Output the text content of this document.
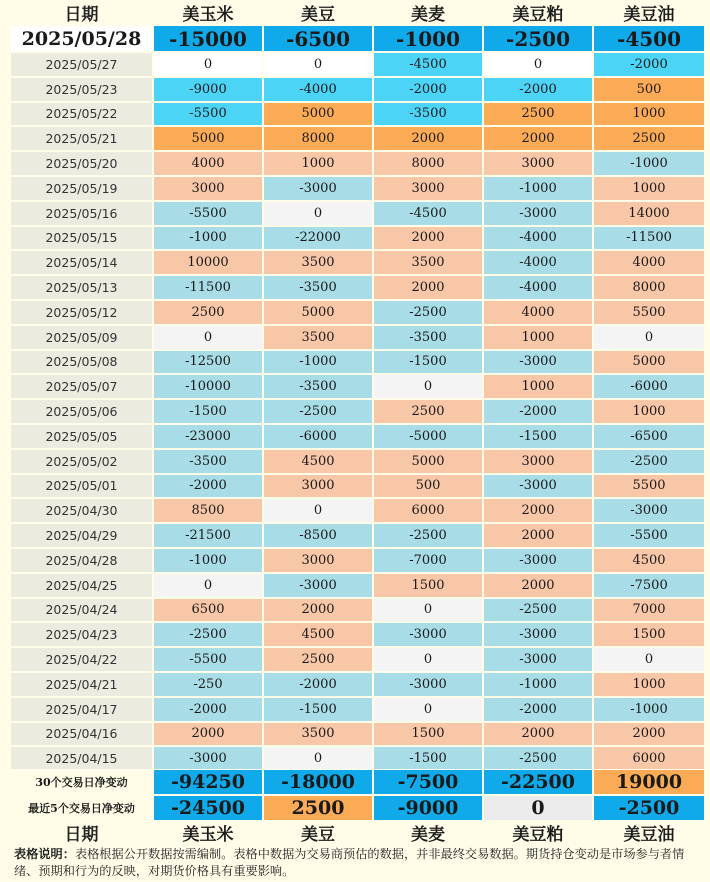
日期	美玉米	美豆	美麦	美豆粕	美豆油
2025/05/28	-15000	-6500	-1000	-2500	-4500
2025/05/27	0	0	-4500	0	-2000
2025/05/23	-9000	-4000	-2000	-2000	500
2025/05/22	-5500	5000	-3500	2500	1000
2025/05/21	5000	8000	2000	2000	2500
2025/05/20	4000	1000	8000	3000	-1000
2025/05/19	3000	-3000	3000	-1000	1000
2025/05/16	-5500	0	-4500	-3000	14000
2025/05/15	-1000	-22000	2000	-4000	-11500
2025/05/14	10000	3500	3500	-4000	4000
2025/05/13	-11500	-3500	2000	-4000	8000
2025/05/12	2500	5000	-2500	4000	5500
2025/05/09	0	3500	-3500	1000	0
2025/05/08	-12500	-1000	-1500	-3000	5000
2025/05/07	-10000	-3500	0	1000	-6000
2025/05/06	-1500	-2500	2500	-2000	1000
2025/05/05	-23000	-6000	-5000	-1500	-6500
2025/05/02	-3500	4500	5000	3000	-2500
2025/05/01	-2000	3000	500	-3000	5500
2025/04/30	8500	0	6000	2000	-3000
2025/04/29	-21500	-8500	-2500	2000	-5500
2025/04/28	-1000	3000	-7000	-3000	4500
2025/04/25	0	-3000	1500	2000	-7500
2025/04/24	6500	2000	0	-2500	7000
2025/04/23	-2500	4500	-3000	-3000	1500
2025/04/22	-5500	2500	0	-3000	0
2025/04/21	-250	-2000	-3000	-1000	1000
2025/04/17	-2000	-1500	0	-2000	-1000
2025/04/16	2000	3500	1500	2000	2000
2025/04/15	-3000	0	-1500	-2500	6000
30个交易日净变动	-94250	-18000	-7500	-22500	19000
最近5个交易日净变动	-24500	2500	-9000	0	-2500
日期	美玉米	美豆	美麦	美豆粕	美豆油
表格说明：表格根据公开数据按需编制。表格中数据为交易商预估的数据，并非最终交易数据。期货持仓变动是市场参与者情绪、预期和行为的反映，对期货价格具有重要影响。
